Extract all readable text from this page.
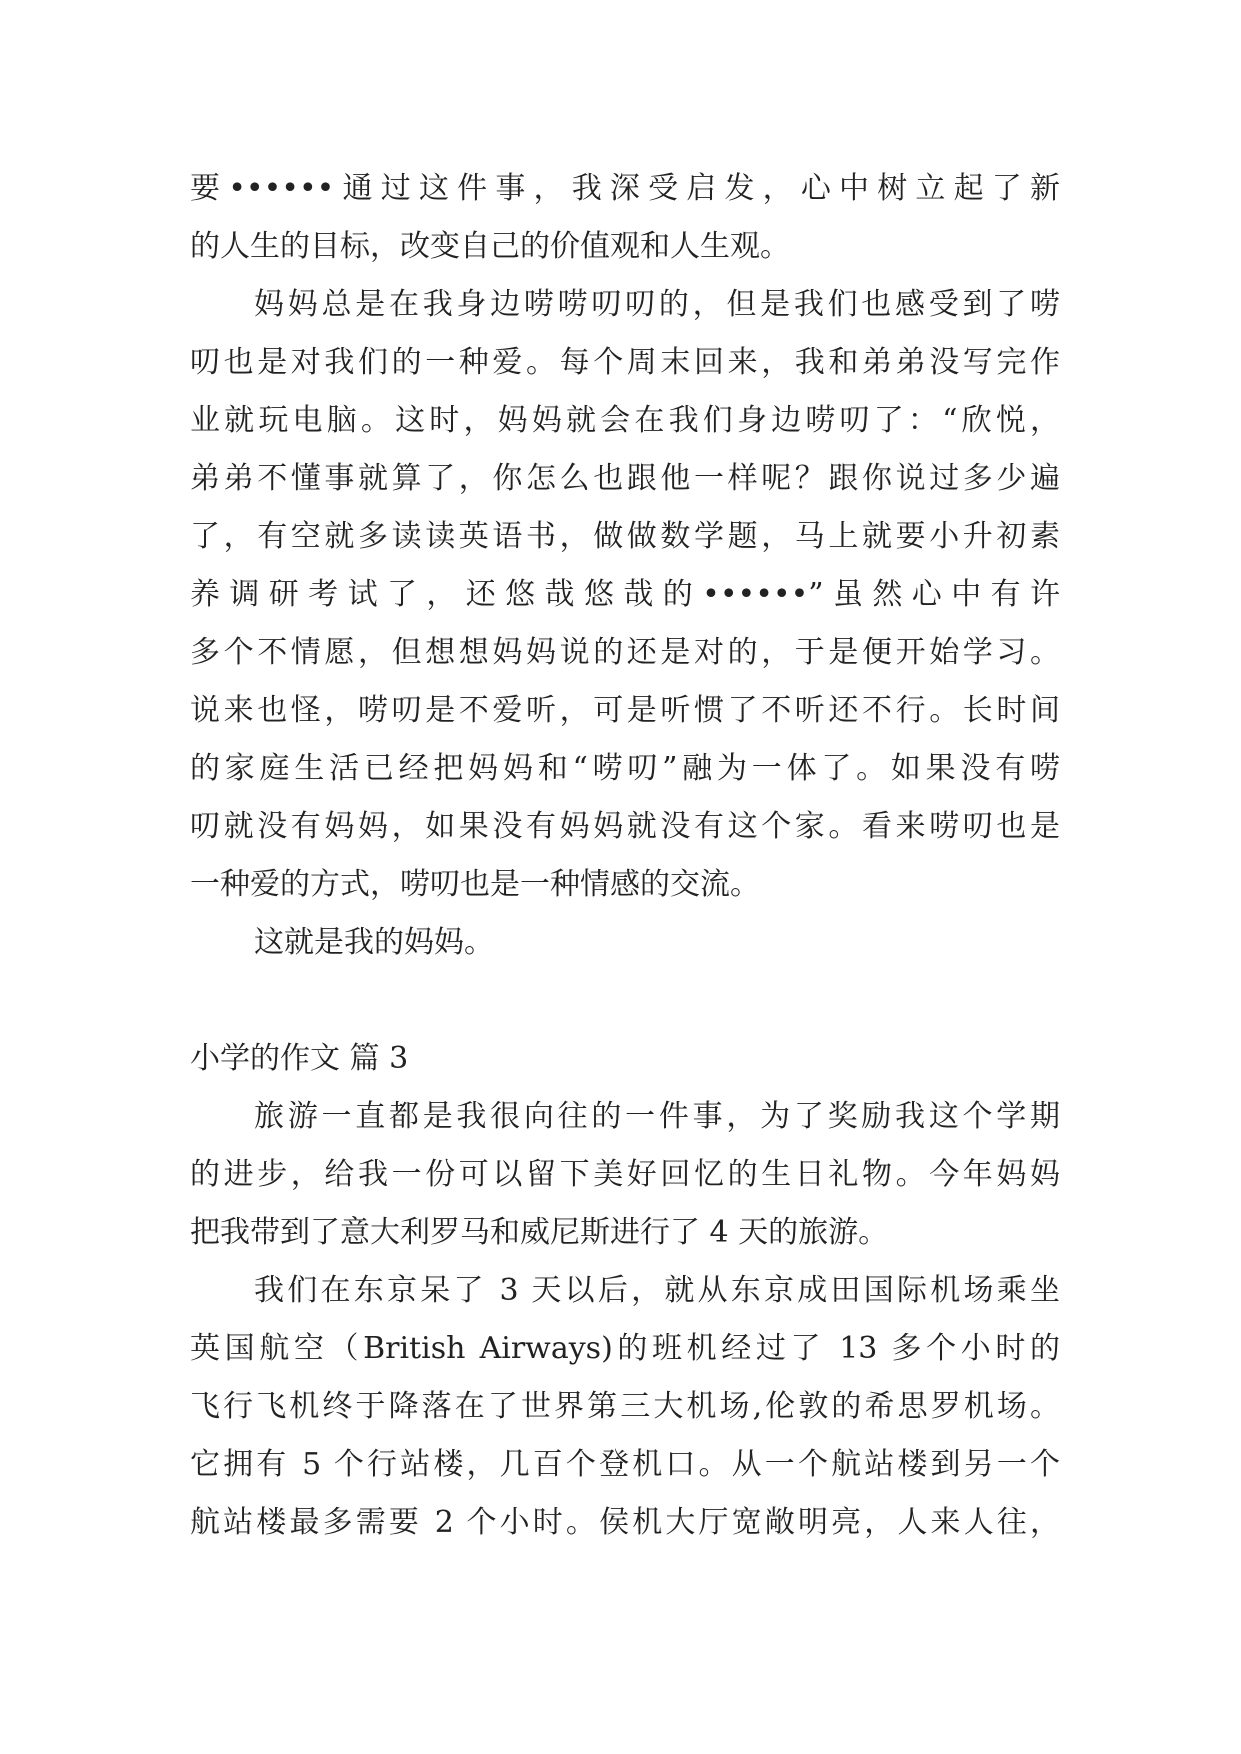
要••••••通过这件事，我深受启发，心中树立起了新
的人生的目标，改变自己的价值观和人生观。
妈妈总是在我身边唠唠叨叨的，但是我们也感受到了唠
叨也是对我们的一种爱。每个周末回来，我和弟弟没写完作
业就玩电脑。这时，妈妈就会在我们身边唠叨了：“欣悦，
弟弟不懂事就算了，你怎么也跟他一样呢？跟你说过多少遍
了，有空就多读读英语书，做做数学题，马上就要小升初素
养调研考试了，还悠哉悠哉的••••••”虽然心中有许
多个不情愿，但想想妈妈说的还是对的，于是便开始学习。
说来也怪，唠叨是不爱听，可是听惯了不听还不行。长时间
的家庭生活已经把妈妈和“唠叨”融为一体了。如果没有唠
叨就没有妈妈，如果没有妈妈就没有这个家。看来唠叨也是
一种爱的方式，唠叨也是一种情感的交流。
这就是我的妈妈。
小学的作文 篇 3
旅游一直都是我很向往的一件事，为了奖励我这个学期
的进步，给我一份可以留下美好回忆的生日礼物。今年妈妈
把我带到了意大利罗马和威尼斯进行了 4 天的旅游。
我们在东京呆了 3 天以后，就从东京成田国际机场乘坐
英国航空（British Airways)的班机经过了 13 多个小时的
飞行飞机终于降落在了世界第三大机场,伦敦的希思罗机场。
它拥有 5 个行站楼，几百个登机口。从一个航站楼到另一个
航站楼最多需要 2 个小时。侯机大厅宽敞明亮，人来人往，
